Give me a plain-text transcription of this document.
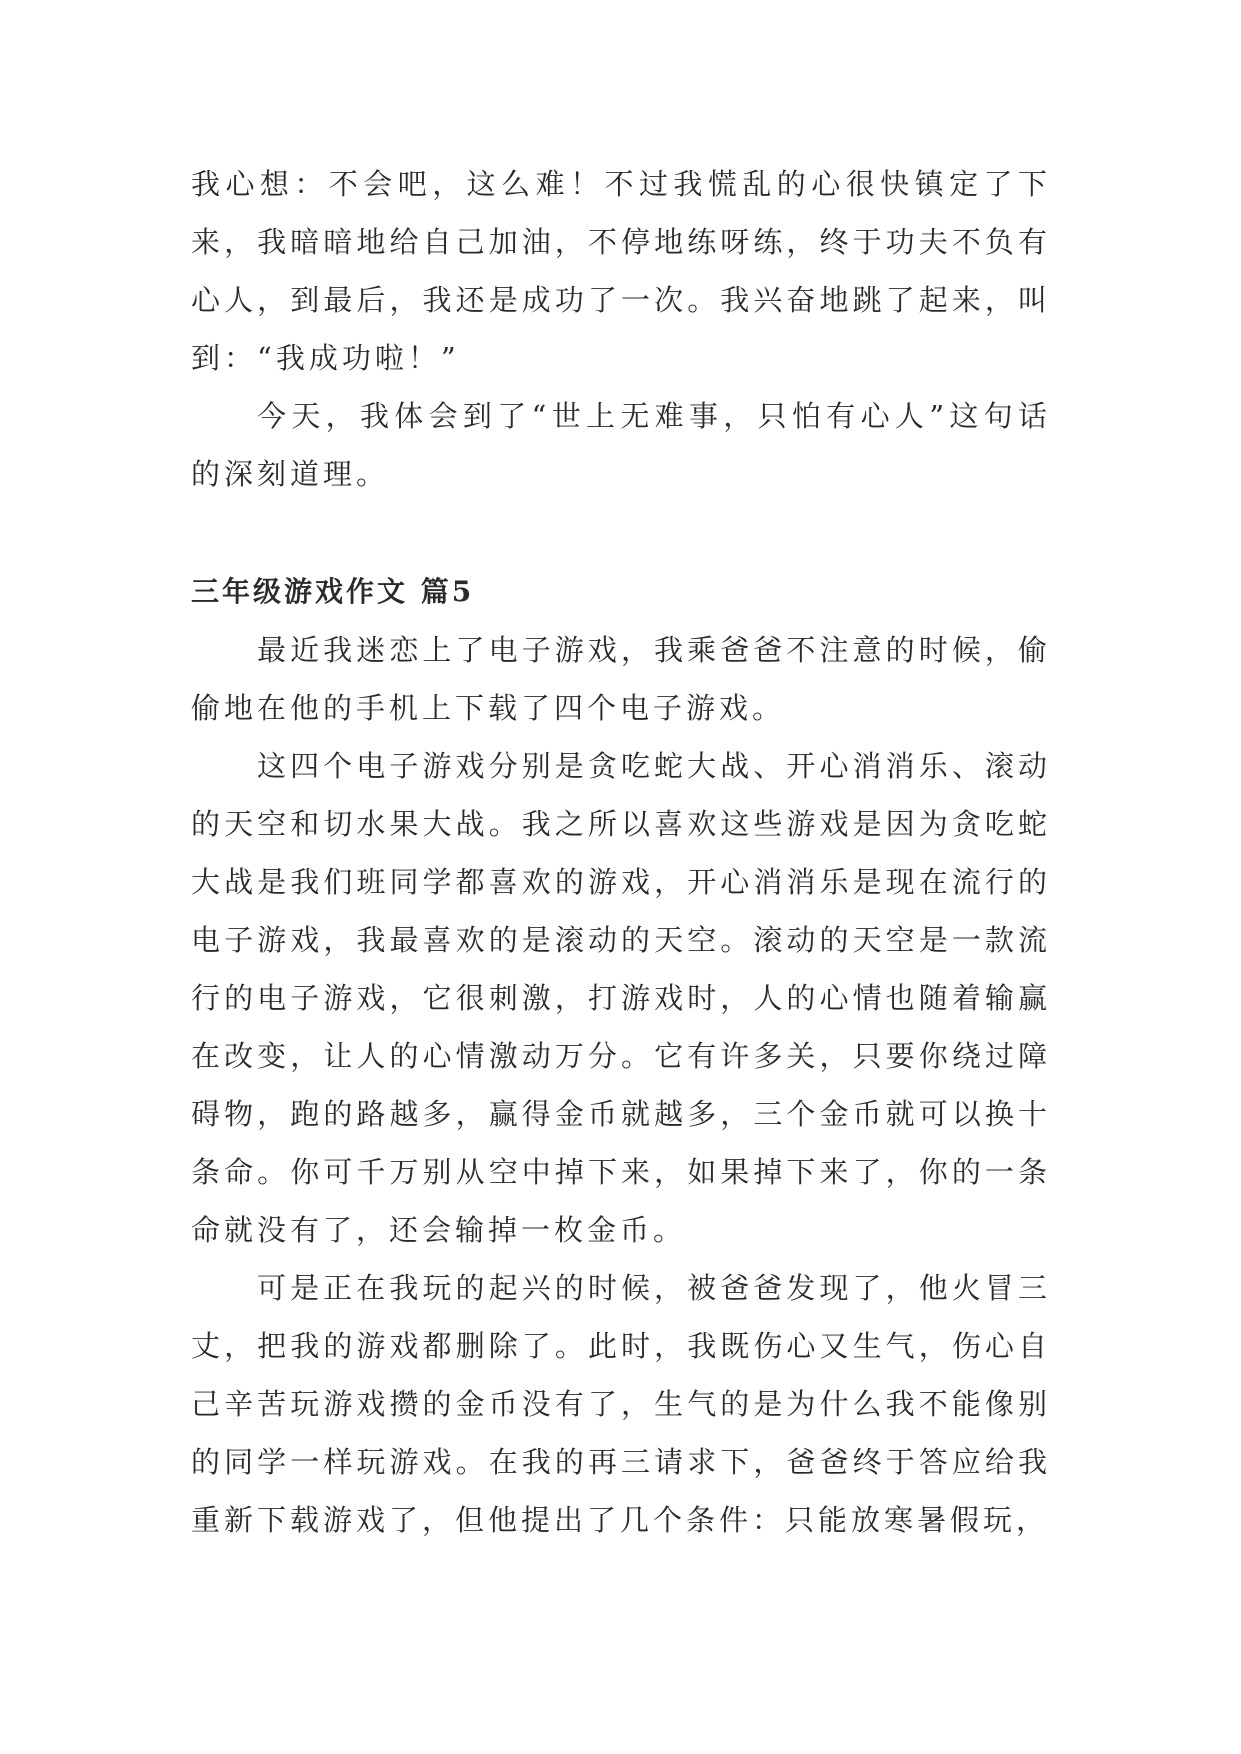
我心想：不会吧，这么难！不过我慌乱的心很快镇定了下来，我暗暗地给自己加油，不停地练呀练，终于功夫不负有心人，到最后，我还是成功了一次。我兴奋地跳了起来，叫到：“我成功啦！”

今天，我体会到了“世上无难事，只怕有心人”这句话的深刻道理。

三年级游戏作文 篇5

最近我迷恋上了电子游戏，我乘爸爸不注意的时候，偷偷地在他的手机上下载了四个电子游戏。

这四个电子游戏分别是贪吃蛇大战、开心消消乐、滚动的天空和切水果大战。我之所以喜欢这些游戏是因为贪吃蛇大战是我们班同学都喜欢的游戏，开心消消乐是现在流行的电子游戏，我最喜欢的是滚动的天空。滚动的天空是一款流行的电子游戏，它很刺激，打游戏时，人的心情也随着输赢在改变，让人的心情激动万分。它有许多关，只要你绕过障碍物，跑的路越多，赢得金币就越多，三个金币就可以换十条命。你可千万别从空中掉下来，如果掉下来了，你的一条命就没有了，还会输掉一枚金币。

可是正在我玩的起兴的时候，被爸爸发现了，他火冒三丈，把我的游戏都删除了。此时，我既伤心又生气，伤心自己辛苦玩游戏攒的金币没有了，生气的是为什么我不能像别的同学一样玩游戏。在我的再三请求下，爸爸终于答应给我重新下载游戏了，但他提出了几个条件：只能放寒暑假玩，
